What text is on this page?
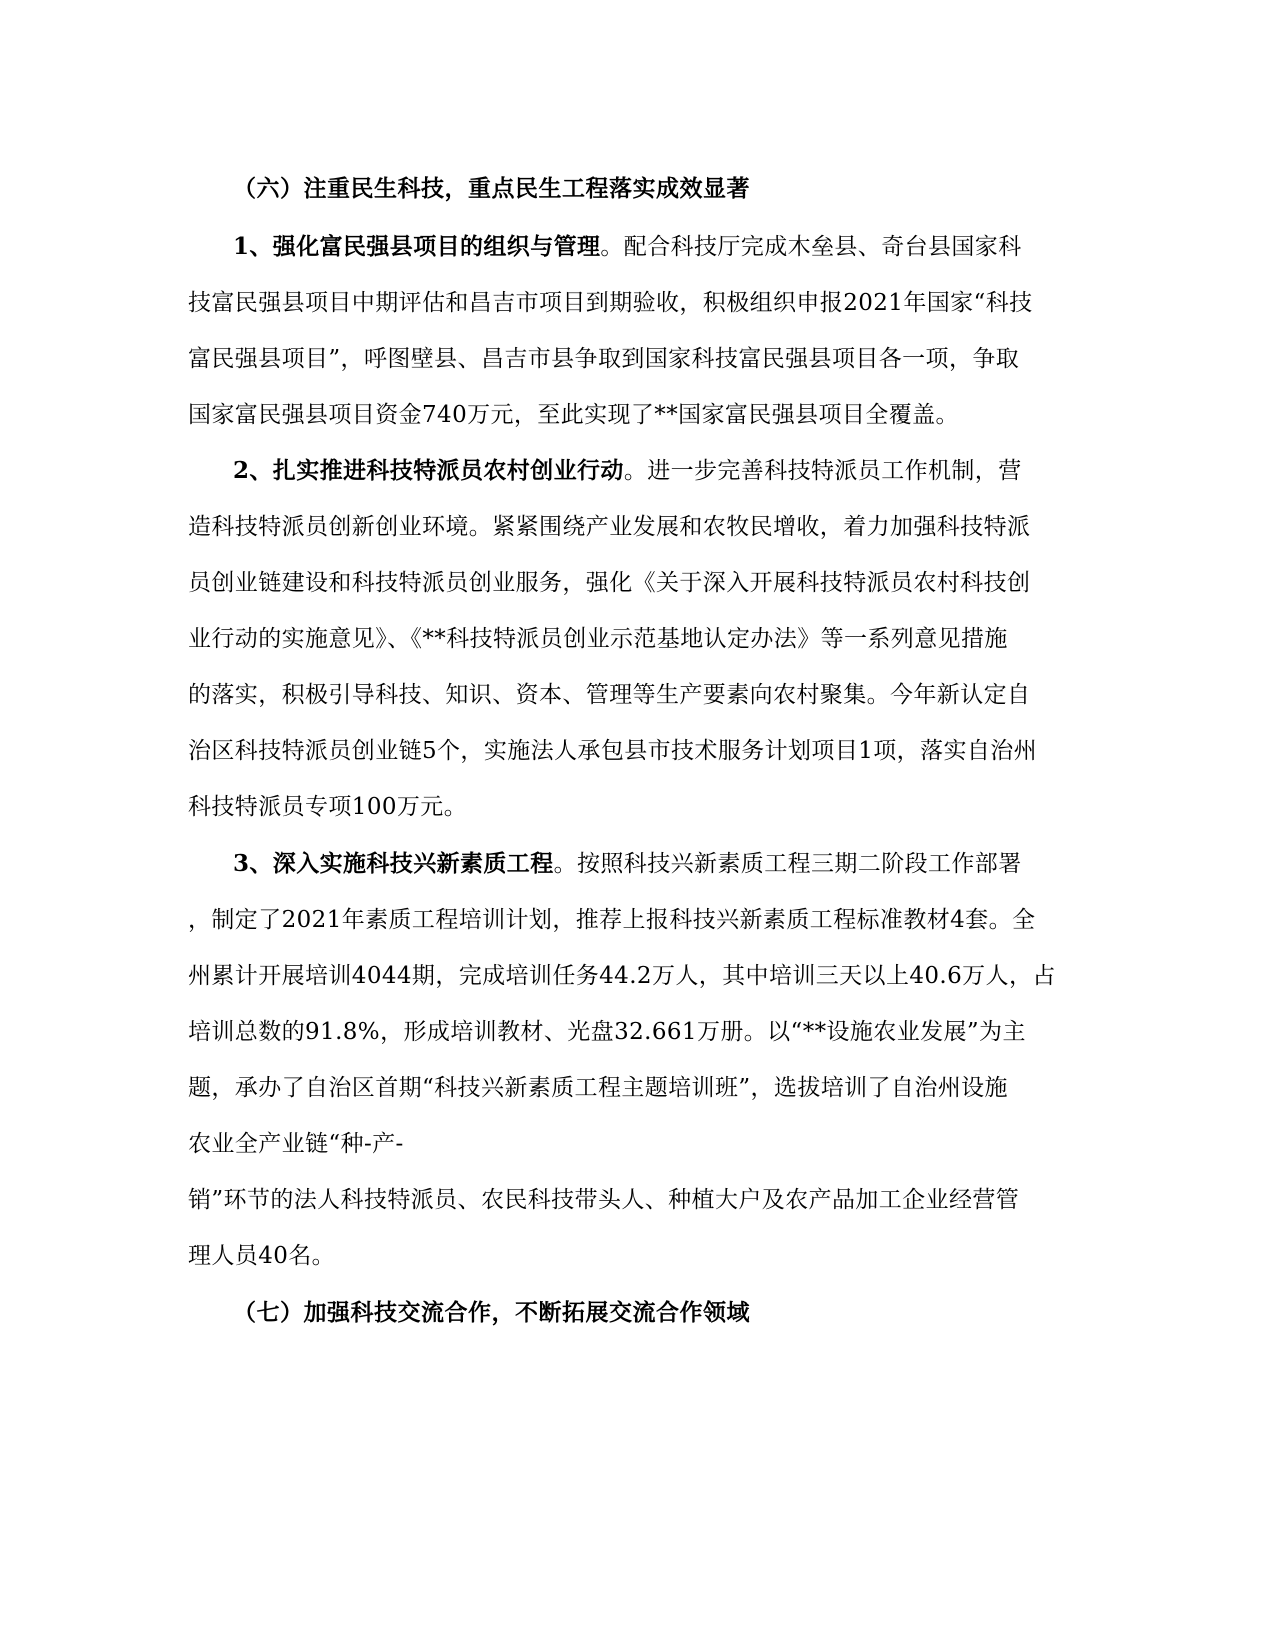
（六）注重民生科技，重点民生工程落实成效显著
1、强化富民强县项目的组织与管理。配合科技厅完成木垒县、奇台县国家科
技富民强县项目中期评估和昌吉市项目到期验收，积极组织申报2021年国家“科技
富民强县项目”，呼图壁县、昌吉市县争取到国家科技富民强县项目各一项，争取
国家富民强县项目资金740万元，至此实现了**国家富民强县项目全覆盖。
2、扎实推进科技特派员农村创业行动。进一步完善科技特派员工作机制，营
造科技特派员创新创业环境。紧紧围绕产业发展和农牧民增收，着力加强科技特派
员创业链建设和科技特派员创业服务，强化《关于深入开展科技特派员农村科技创
业行动的实施意见》、《**科技特派员创业示范基地认定办法》等一系列意见措施
的落实，积极引导科技、知识、资本、管理等生产要素向农村聚集。今年新认定自
治区科技特派员创业链5个，实施法人承包县市技术服务计划项目1项，落实自治州
科技特派员专项100万元。
3、深入实施科技兴新素质工程。按照科技兴新素质工程三期二阶段工作部署
，制定了2021年素质工程培训计划，推荐上报科技兴新素质工程标准教材4套。全
州累计开展培训4044期，完成培训任务44.2万人，其中培训三天以上40.6万人，占
培训总数的91.8%，形成培训教材、光盘32.661万册。以“**设施农业发展”为主
题，承办了自治区首期“科技兴新素质工程主题培训班”，选拔培训了自治州设施
农业全产业链“种-产-
销”环节的法人科技特派员、农民科技带头人、种植大户及农产品加工企业经营管
理人员40名。
（七）加强科技交流合作，不断拓展交流合作领域
